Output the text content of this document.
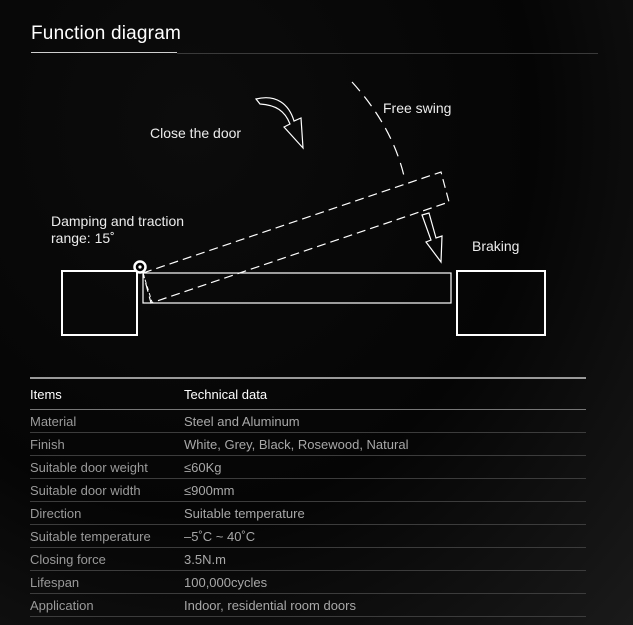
Function diagram
Damping and traction range: 15˚
Close the door
Free swing
Braking
Items	Technical data
Material	Steel and Aluminum
Finish	White, Grey, Black, Rosewood, Natural
Suitable door weight	≤60Kg
Suitable door width	≤900mm
Direction	Suitable temperature
Suitable temperature	–5˚C ~ 40˚C
Closing force	3.5N.m
Lifespan	100,000cycles
Application	Indoor, residential room doors
